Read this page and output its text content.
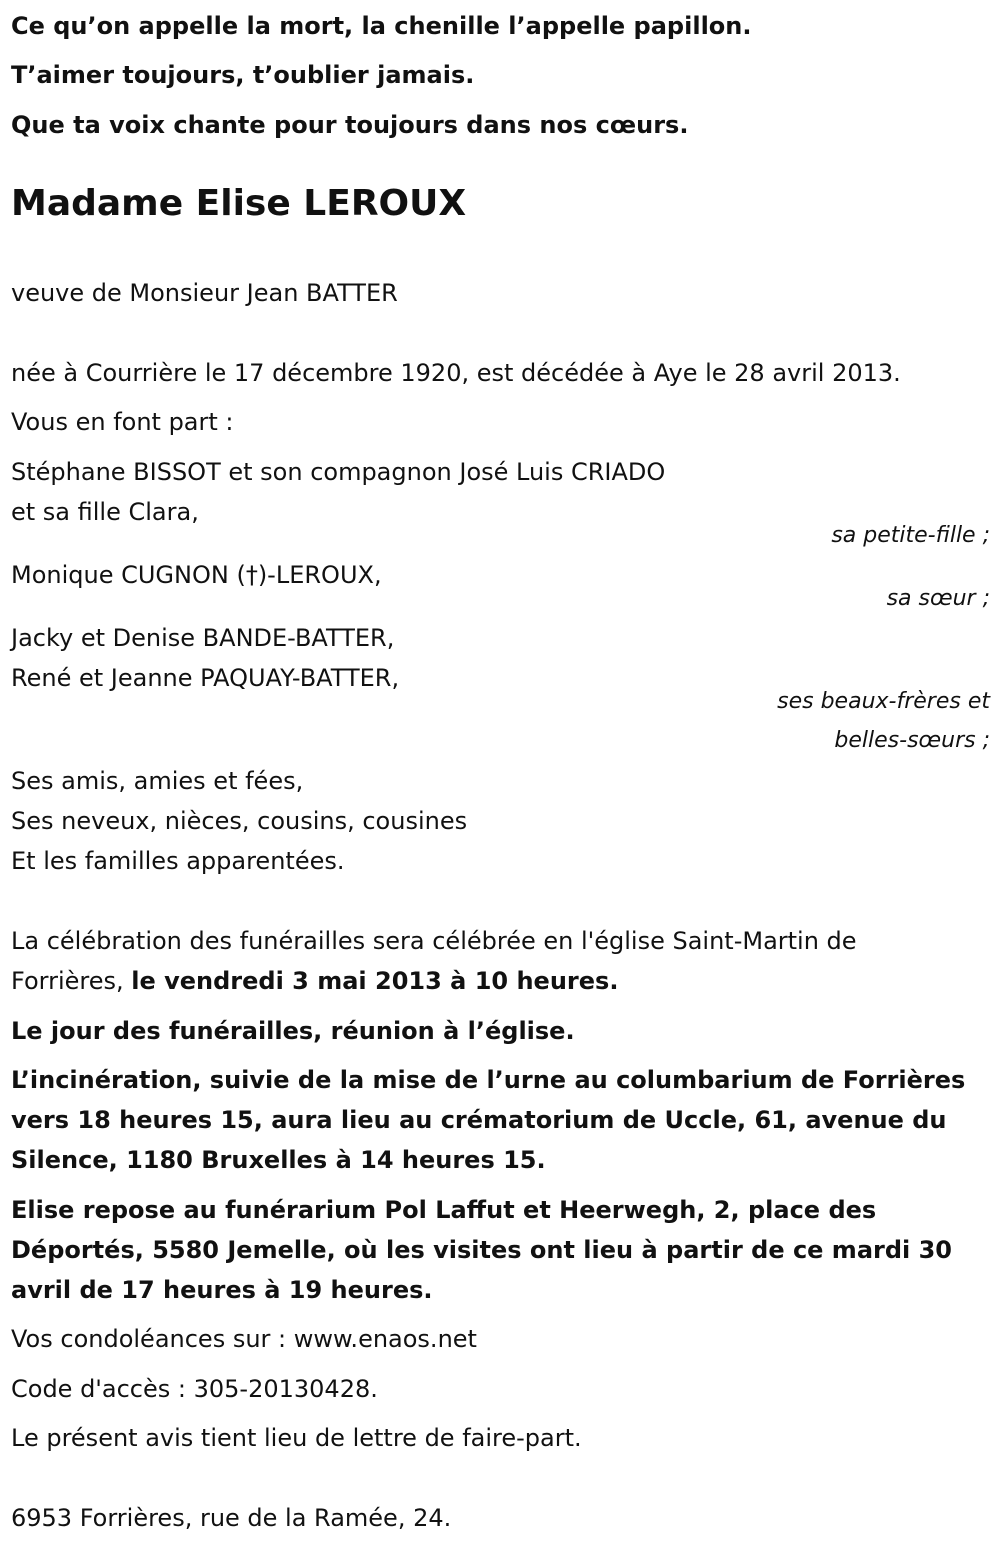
Ce qu’on appelle la mort, la chenille l’appelle papillon.

T’aimer toujours, t’oublier jamais.

Que ta voix chante pour toujours dans nos cœurs.

Madame Elise LEROUX

veuve de Monsieur Jean BATTER

née à Courrière le 17 décembre 1920, est décédée à Aye le 28 avril 2013.

Vous en font part :

Stéphane BISSOT et son compagnon José Luis CRIADO

et sa fille Clara,

sa petite-fille ;

Monique CUGNON (†)-LEROUX,

sa sœur ;

Jacky et Denise BANDE-BATTER,

René et Jeanne PAQUAY-BATTER,

ses beaux-frères et

belles-sœurs ;

Ses amis, amies et fées,

Ses neveux, nièces, cousins, cousines

Et les familles apparentées.

La célébration des funérailles sera célébrée en l'église Saint-Martin de

Forrières, le vendredi 3 mai 2013 à 10 heures.

Le jour des funérailles, réunion à l’église.

L’incinération, suivie de la mise de l’urne au columbarium de Forrières

vers 18 heures 15, aura lieu au crématorium de Uccle, 61, avenue du

Silence, 1180 Bruxelles à 14 heures 15.

Elise repose au funérarium Pol Laffut et Heerwegh, 2, place des

Déportés, 5580 Jemelle, où les visites ont lieu à partir de ce mardi 30

avril de 17 heures à 19 heures.

Vos condoléances sur : www.enaos.net

Code d'accès : 305-20130428.

Le présent avis tient lieu de lettre de faire-part.

6953 Forrières, rue de la Ramée, 24.
